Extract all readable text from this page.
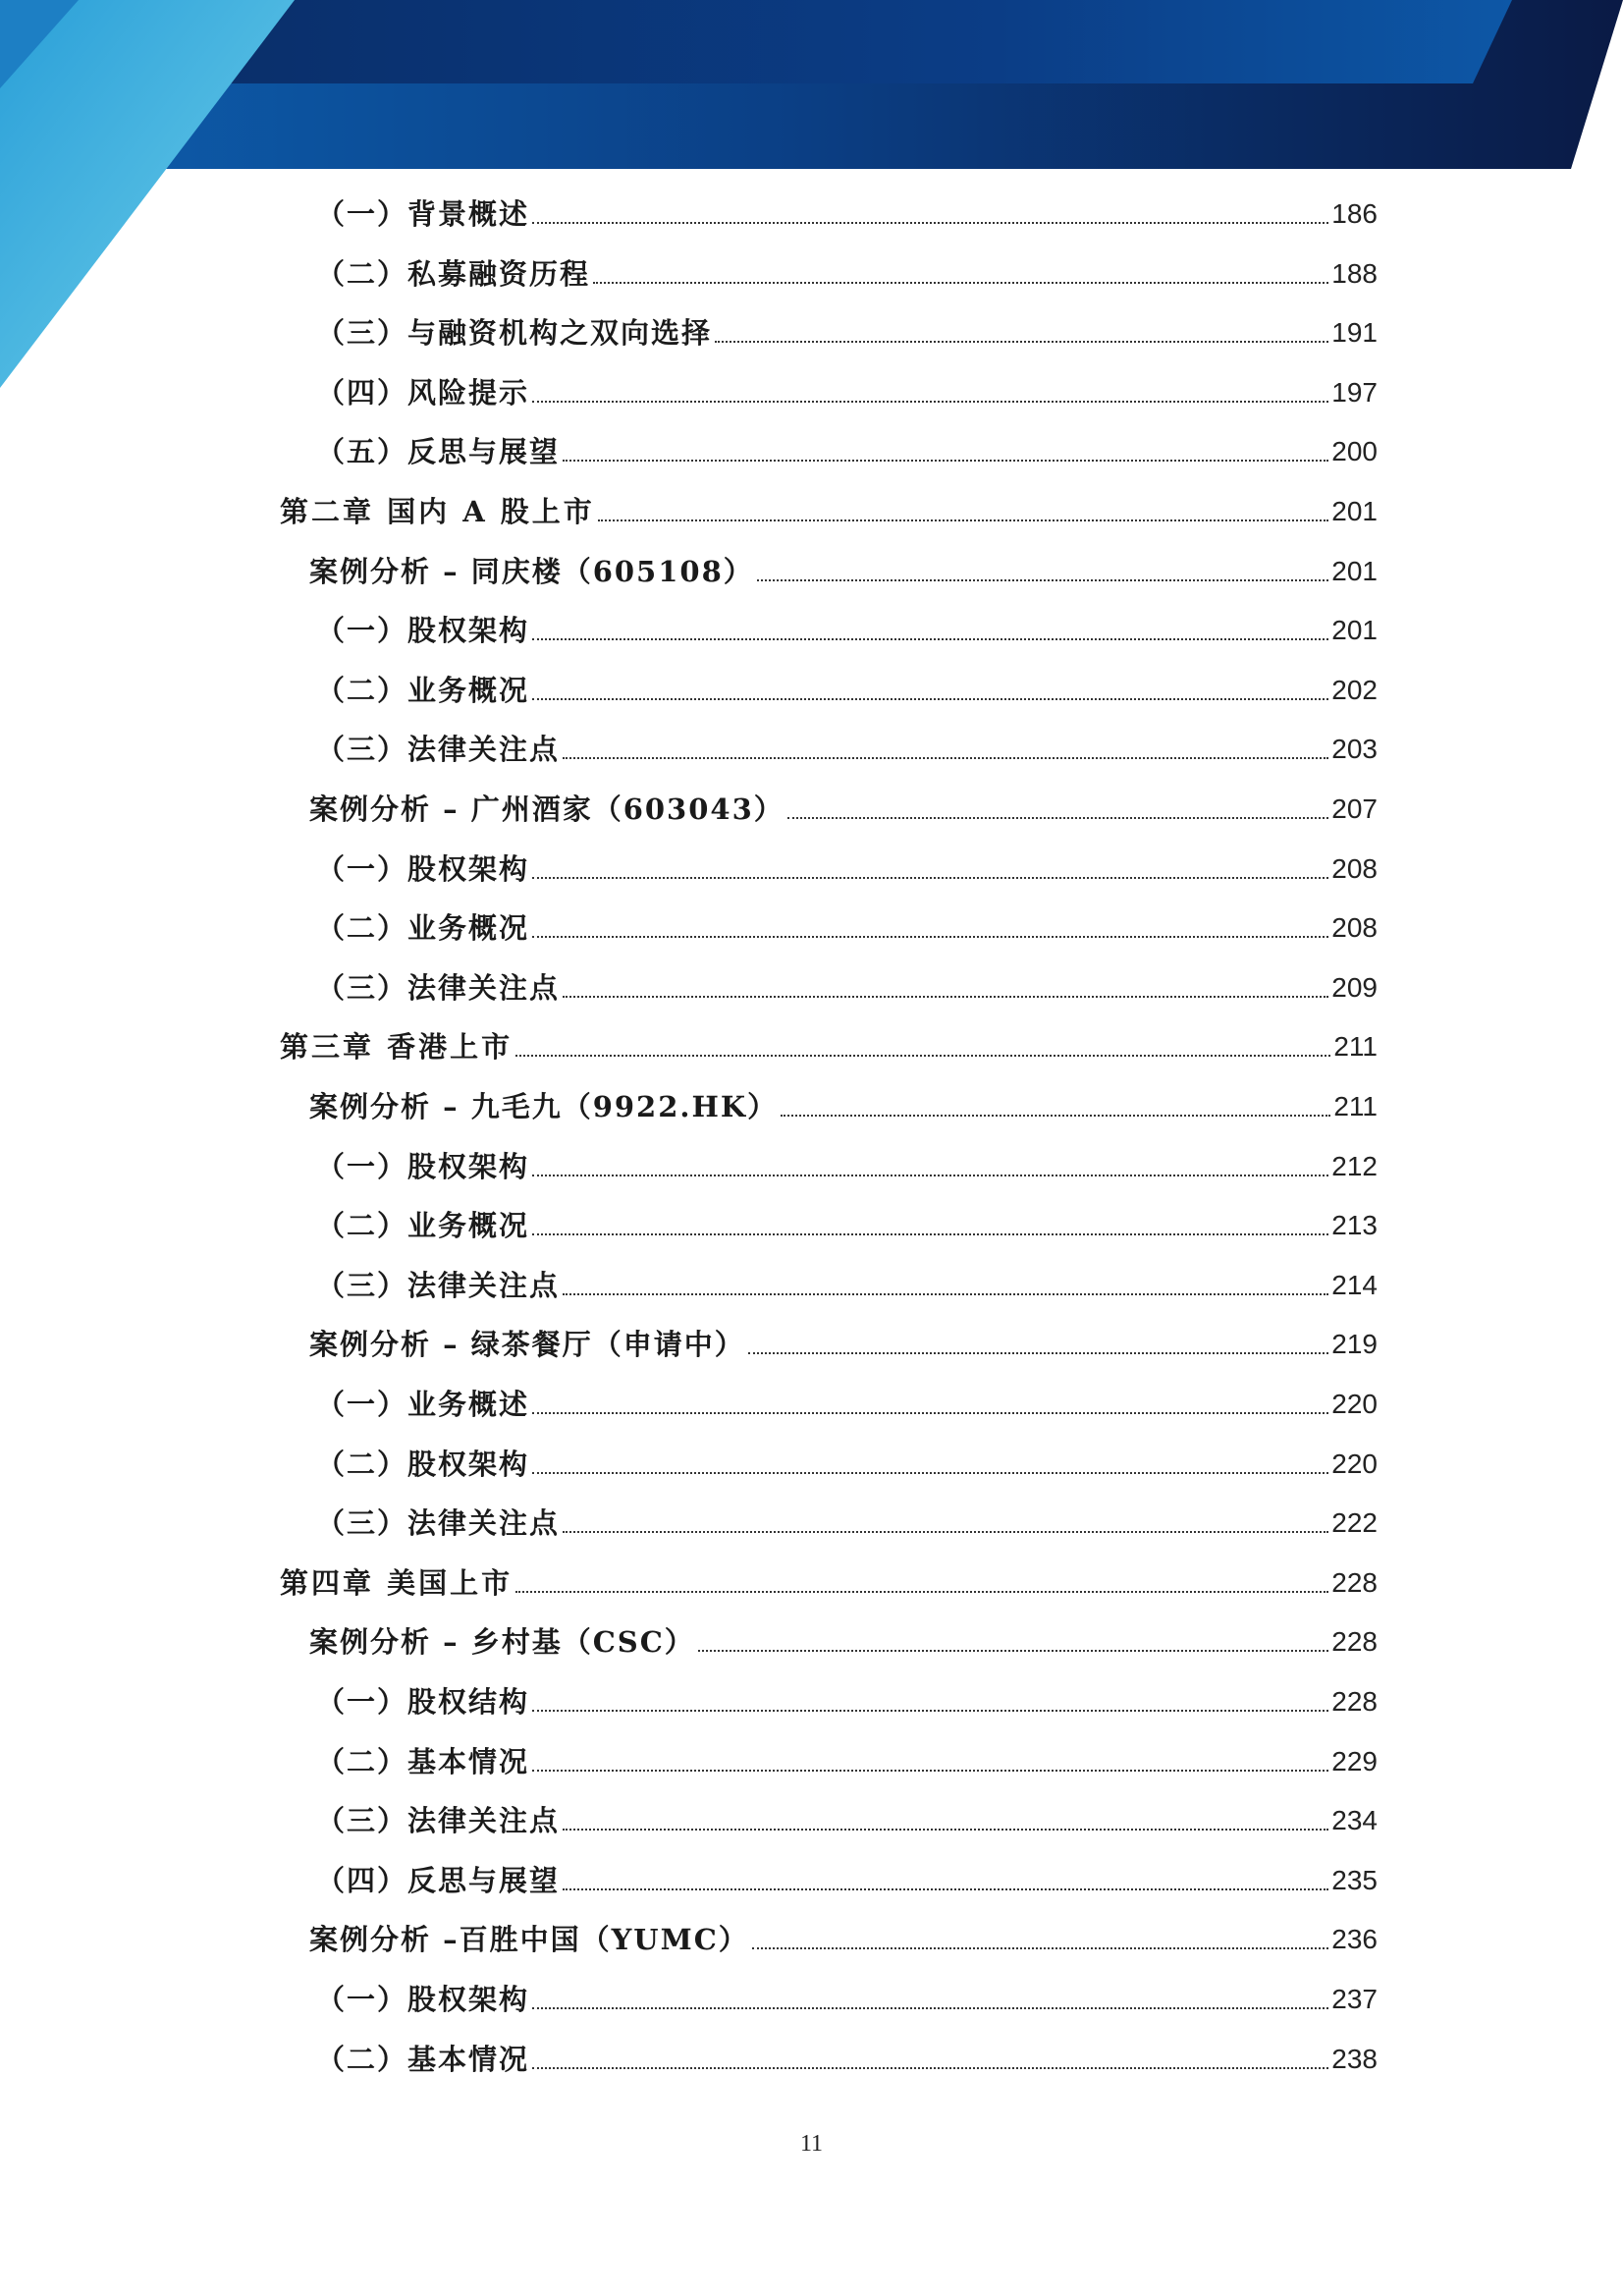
（一）背景概述	186
（二）私募融资历程	188
（三）与融资机构之双向选择	191
（四）风险提示	197
（五）反思与展望	200
第二章 国内 A 股上市	201
案例分析 – 同庆楼（605108）	201
（一）股权架构	201
（二）业务概况	202
（三）法律关注点	203
案例分析 – 广州酒家（603043）	207
（一）股权架构	208
（二）业务概况	208
（三）法律关注点	209
第三章 香港上市	211
案例分析 – 九毛九（9922.HK）	211
（一）股权架构	212
（二）业务概况	213
（三）法律关注点	214
案例分析 – 绿茶餐厅（申请中）	219
（一）业务概述	220
（二）股权架构	220
（三）法律关注点	222
第四章 美国上市	228
案例分析 – 乡村基（CSC）	228
（一）股权结构	228
（二）基本情况	229
（三）法律关注点	234
（四）反思与展望	235
案例分析 –百胜中国（YUMC）	236
（一）股权架构	237
（二）基本情况	238
11
